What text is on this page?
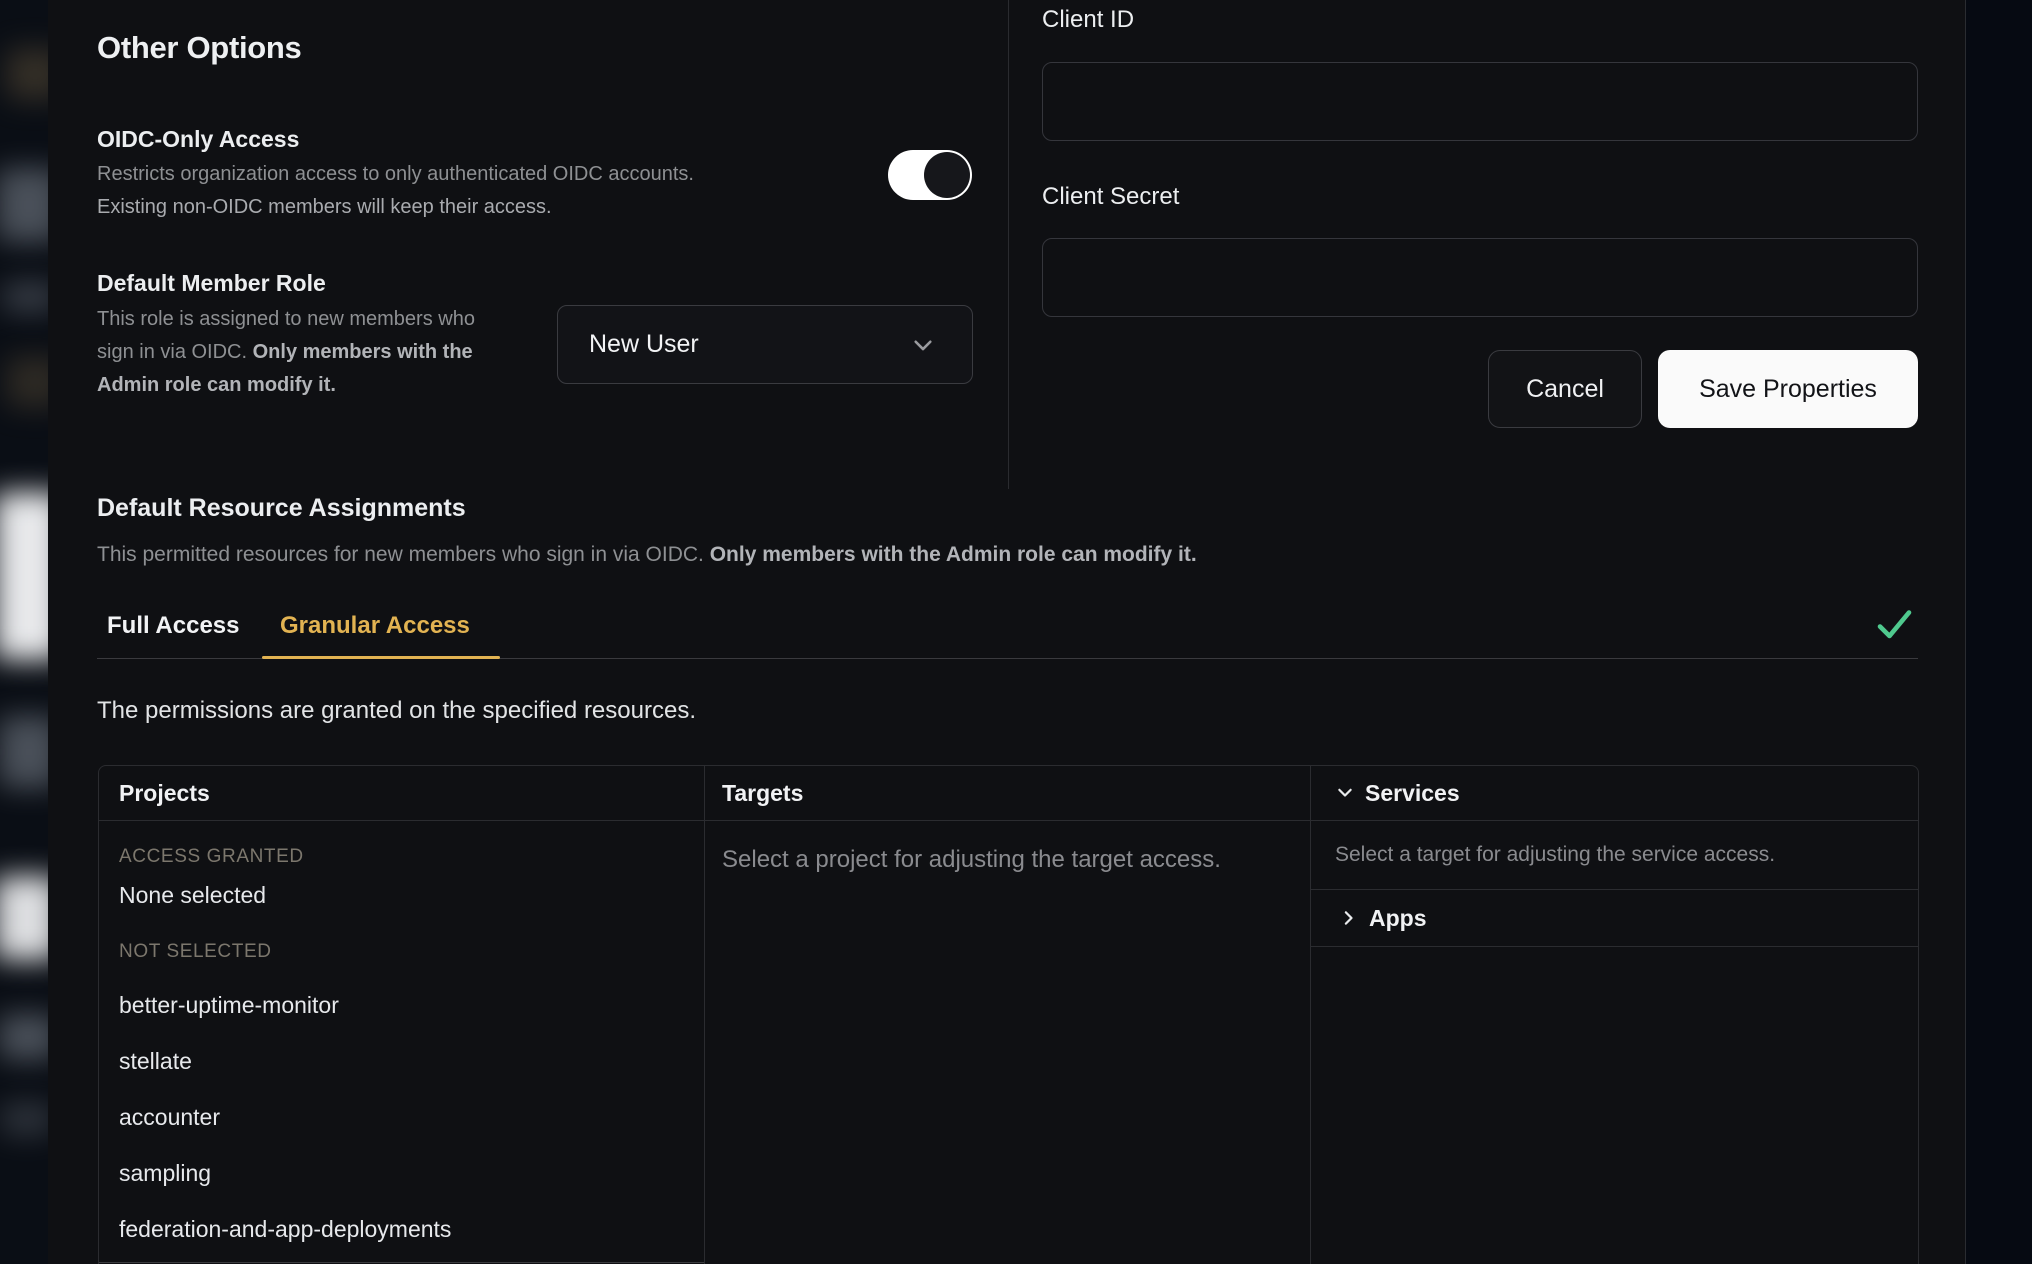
Other Options
OIDC-Only Access
Restricts organization access to only authenticated OIDC accounts.
Existing non-OIDC members will keep their access.
Default Member Role
This role is assigned to new members who sign in via OIDC. Only members with the Admin role can modify it.
New User
Client ID
Client Secret
Cancel	Save Properties
Default Resource Assignments
This permitted resources for new members who sign in via OIDC. Only members with the Admin role can modify it.
Full Access Granular Access
The permissions are granted on the specified resources.
Projects
ACCESS GRANTED
None selected
NOT SELECTED
better-uptime-monitor
stellate
accounter
sampling
federation-and-app-deployments
Targets
Select a project for adjusting the target access.
Services
Select a target for adjusting the service access.
Apps
